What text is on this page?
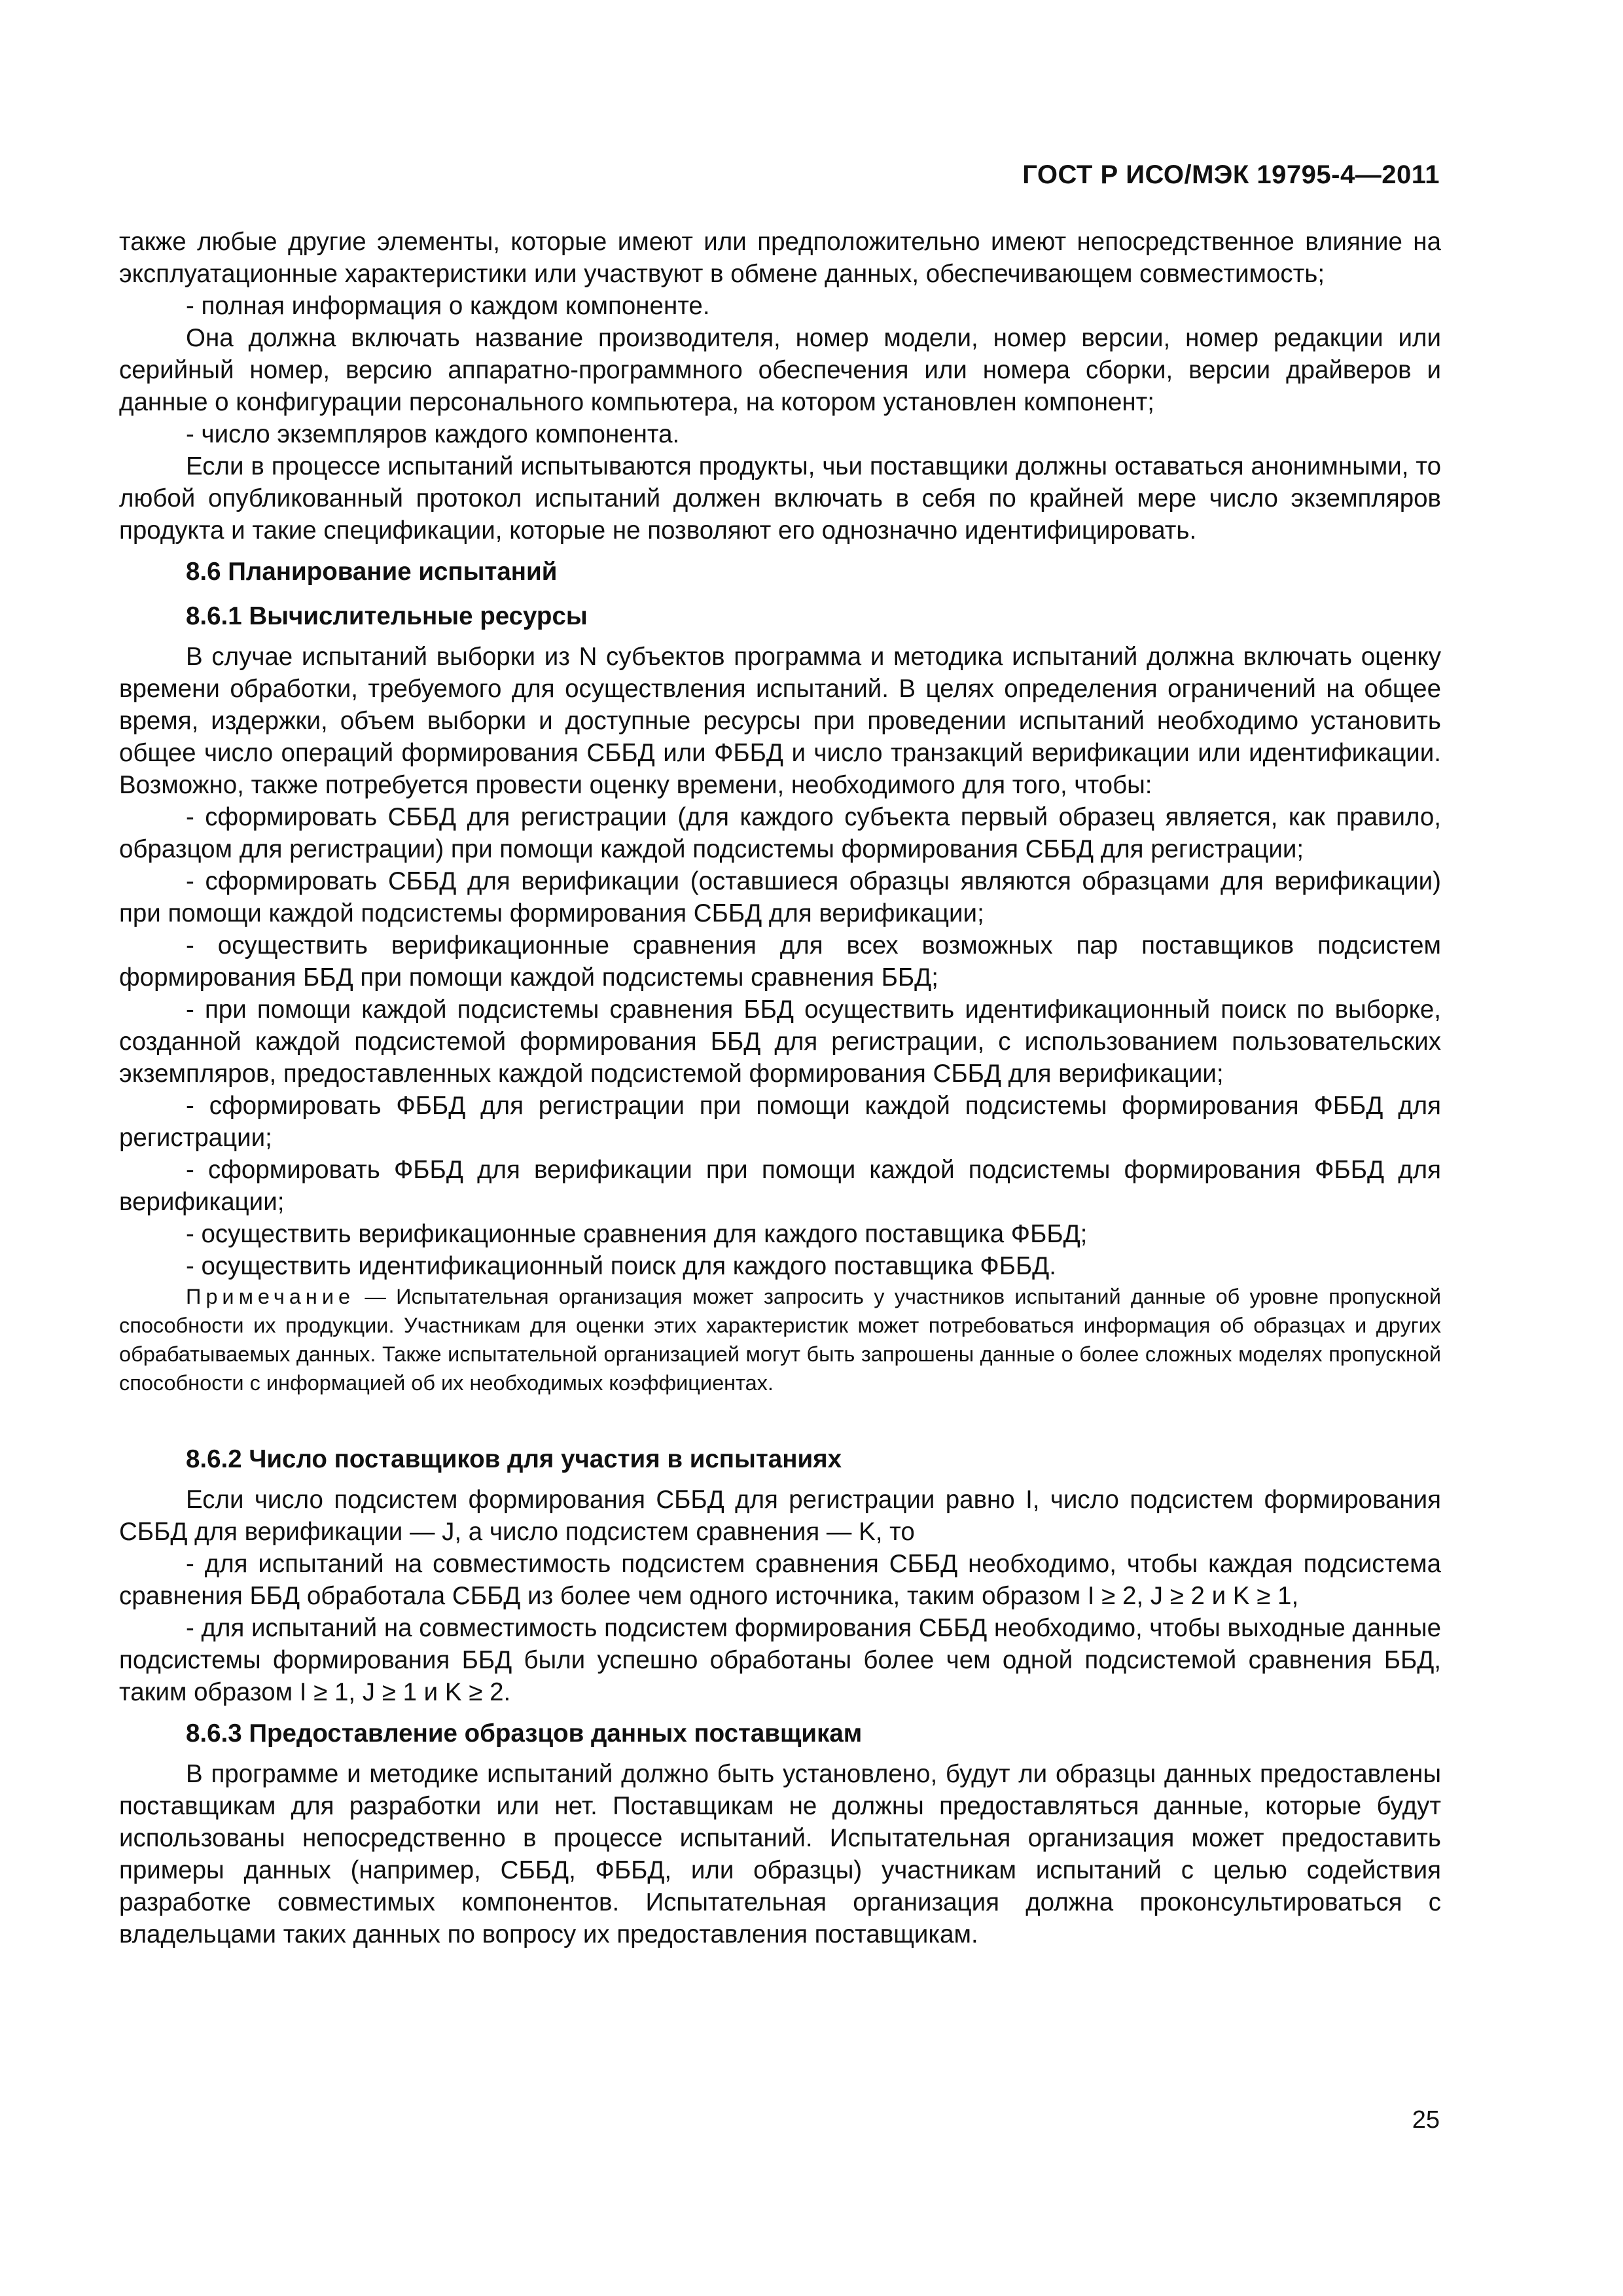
ГОСТ Р ИСО/МЭК 19795-4—2011

также любые другие элементы, которые имеют или предположительно имеют непосредственное влияние на эксплуатационные характеристики или участвуют в обмене данных, обеспечивающем совместимость;

- полная информация о каждом компоненте.

Она должна включать название производителя, номер модели, номер версии, номер редакции или серийный номер, версию аппаратно-программного обеспечения или номера сборки, версии драйверов и данные о конфигурации персонального компьютера, на котором установлен компонент;

- число экземпляров каждого компонента.

Если в процессе испытаний испытываются продукты, чьи поставщики должны оставаться анонимными, то любой опубликованный протокол испытаний должен включать в себя по крайней мере число экземпляров продукта и такие спецификации, которые не позволяют его однозначно идентифицировать.

8.6 Планирование испытаний
8.6.1 Вычислительные ресурсы

В случае испытаний выборки из N субъектов программа и методика испытаний должна включать оценку времени обработки, требуемого для осуществления испытаний. В целях определения ограничений на общее время, издержки, объем выборки и доступные ресурсы при проведении испытаний необходимо установить общее число операций формирования СББД или ФББД и число транзакций верификации или идентификации. Возможно, также потребуется провести оценку времени, необходимого для того, чтобы:

- сформировать СББД для регистрации (для каждого субъекта первый образец является, как правило, образцом для регистрации) при помощи каждой подсистемы формирования СББД для регистрации;

- сформировать СББД для верификации (оставшиеся образцы являются образцами для верификации) при помощи каждой подсистемы формирования СББД для верификации;

- осуществить верификационные сравнения для всех возможных пар поставщиков подсистем формирования ББД при помощи каждой подсистемы сравнения ББД;

- при помощи каждой подсистемы сравнения ББД осуществить идентификационный поиск по выборке, созданной каждой подсистемой формирования ББД для регистрации, с использованием пользовательских экземпляров, предоставленных каждой подсистемой формирования СББД для верификации;

- сформировать ФББД для регистрации при помощи каждой подсистемы формирования ФББД для регистрации;

- сформировать ФББД для верификации при помощи каждой подсистемы формирования ФББД для верификации;

- осуществить верификационные сравнения для каждого поставщика ФББД;

- осуществить идентификационный поиск для каждого поставщика ФББД.

Примечание — Испытательная организация может запросить у участников испытаний данные об уровне пропускной способности их продукции. Участникам для оценки этих характеристик может потребоваться информация об образцах и других обрабатываемых данных. Также испытательной организацией могут быть запрошены данные о более сложных моделях пропускной способности с информацией об их необходимых коэффициентах.

8.6.2 Число поставщиков для участия в испытаниях

Если число подсистем формирования СББД для регистрации равно I, число подсистем формирования СББД для верификации — J, а число подсистем сравнения — K, то

- для испытаний на совместимость подсистем сравнения СББД необходимо, чтобы каждая подсистема сравнения ББД обработала СББД из более чем одного источника, таким образом I ≥ 2, J ≥ 2 и K ≥ 1,

- для испытаний на совместимость подсистем формирования СББД необходимо, чтобы выходные данные подсистемы формирования ББД были успешно обработаны более чем одной подсистемой сравнения ББД, таким образом I ≥ 1, J ≥ 1 и K ≥ 2.

8.6.3 Предоставление образцов данных поставщикам

В программе и методике испытаний должно быть установлено, будут ли образцы данных предоставлены поставщикам для разработки или нет. Поставщикам не должны предоставляться данные, которые будут использованы непосредственно в процессе испытаний. Испытательная организация может предоставить примеры данных (например, СББД, ФББД, или образцы) участникам испытаний с целью содействия разработке совместимых компонентов. Испытательная организация должна проконсультироваться с владельцами таких данных по вопросу их предоставления поставщикам.

25
